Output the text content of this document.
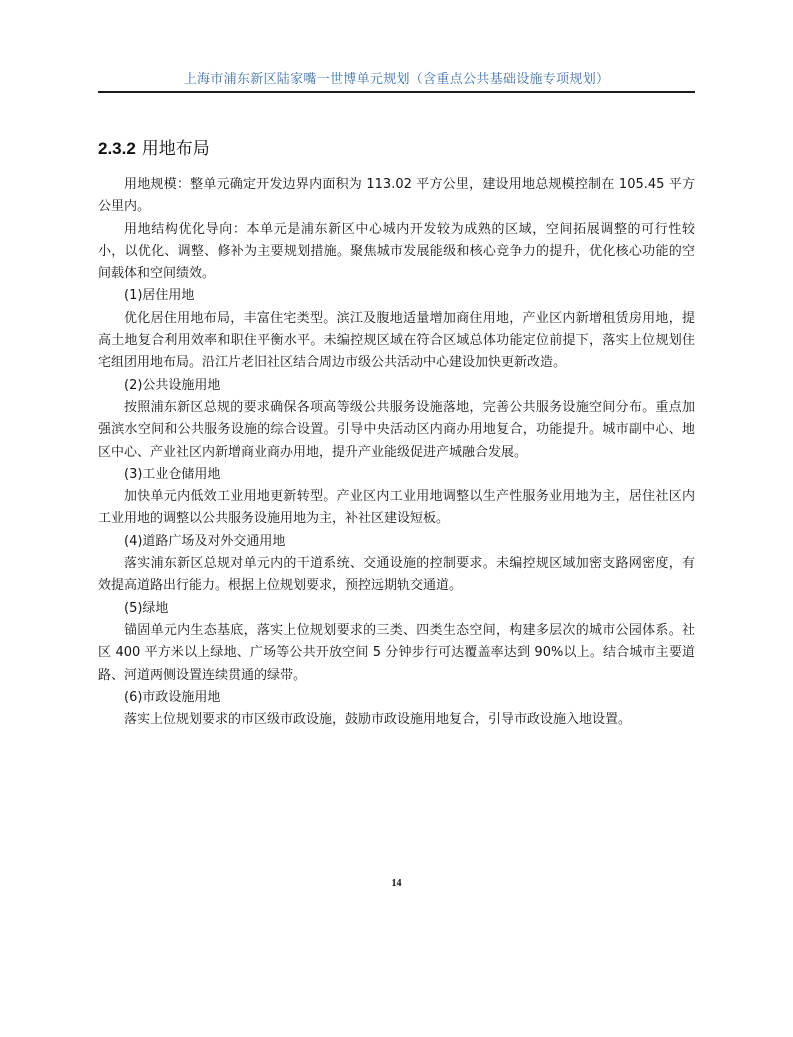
上海市浦东新区陆家嘴一世博单元规划（含重点公共基础设施专项规划）
2.3.2 用地布局

用地规模：整单元确定开发边界内面积为 113.02 平方公里，建设用地总规模控制在 105.45 平方公里内。

用地结构优化导向：本单元是浦东新区中心城内开发较为成熟的区域，空间拓展调整的可行性较小，以优化、调整、修补为主要规划措施。聚焦城市发展能级和核心竞争力的提升，优化核心功能的空间载体和空间绩效。

(1)居住用地

优化居住用地布局，丰富住宅类型。滨江及腹地适量增加商住用地，产业区内新增租赁房用地，提高土地复合利用效率和职住平衡水平。未编控规区域在符合区域总体功能定位前提下，落实上位规划住宅组团用地布局。沿江片老旧社区结合周边市级公共活动中心建设加快更新改造。

(2)公共设施用地

按照浦东新区总规的要求确保各项高等级公共服务设施落地，完善公共服务设施空间分布。重点加强滨水空间和公共服务设施的综合设置。引导中央活动区内商办用地复合，功能提升。城市副中心、地区中心、产业社区内新增商业商办用地，提升产业能级促进产城融合发展。

(3)工业仓储用地

加快单元内低效工业用地更新转型。产业区内工业用地调整以生产性服务业用地为主，居住社区内工业用地的调整以公共服务设施用地为主，补社区建设短板。

(4)道路广场及对外交通用地

落实浦东新区总规对单元内的干道系统、交通设施的控制要求。未编控规区域加密支路网密度，有效提高道路出行能力。根据上位规划要求，预控远期轨交通道。

(5)绿地

锚固单元内生态基底，落实上位规划要求的三类、四类生态空间，构建多层次的城市公园体系。社区 400 平方米以上绿地、广场等公共开放空间 5 分钟步行可达覆盖率达到 90%以上。结合城市主要道路、河道两侧设置连续贯通的绿带。

(6)市政设施用地

落实上位规划要求的市区级市政设施，鼓励市政设施用地复合，引导市政设施入地设置。

14
